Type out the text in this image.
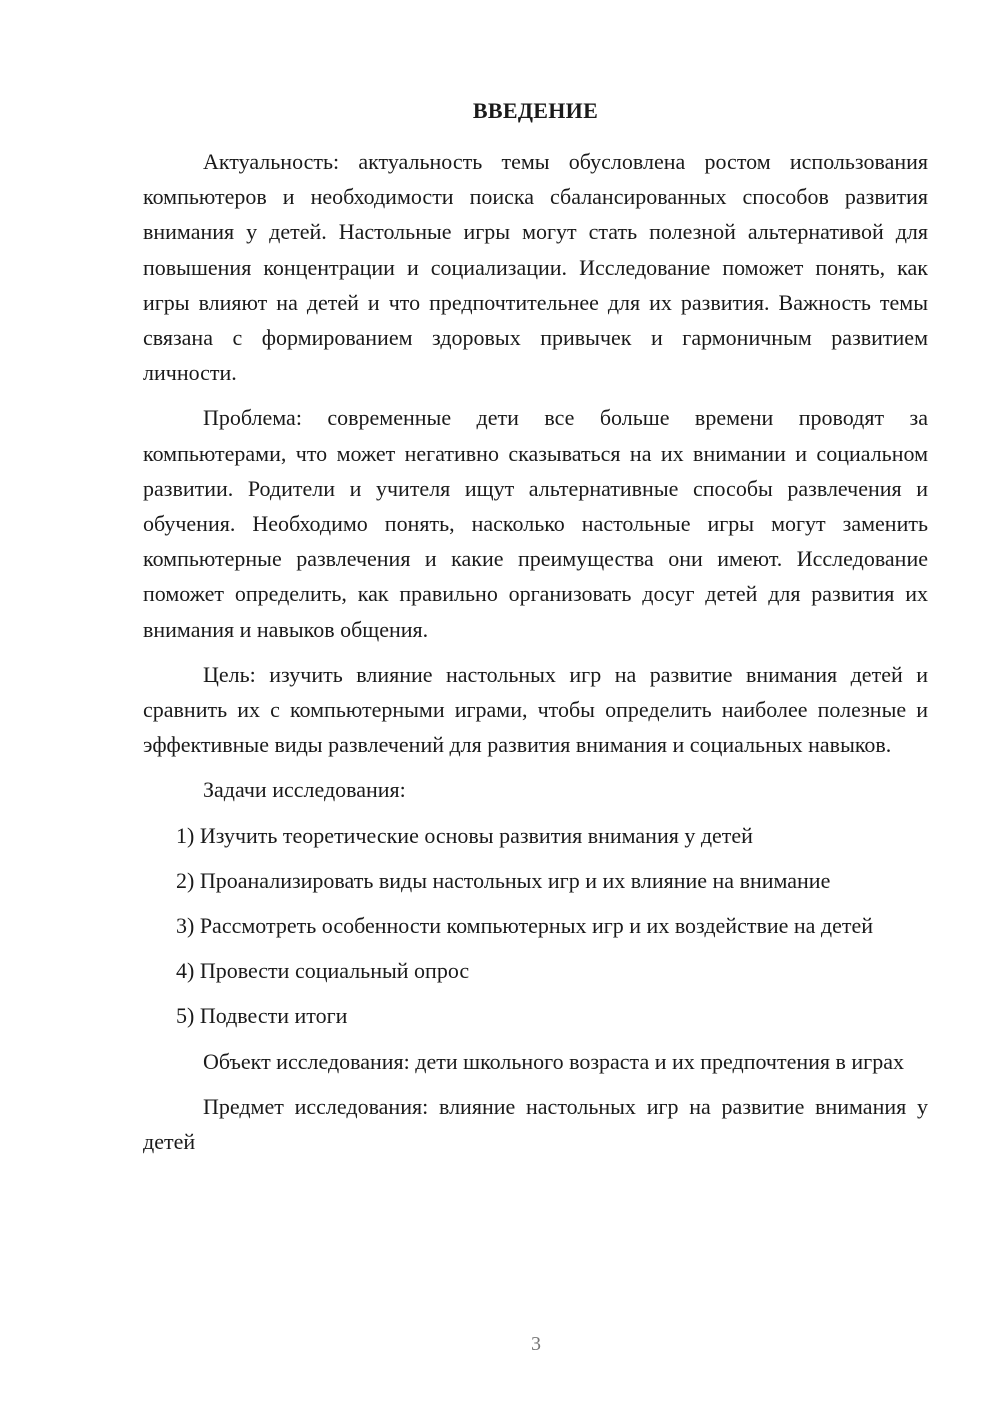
ВВЕДЕНИЕ

Актуальность: актуальность темы обусловлена ростом использования компьютеров и необходимости поиска сбалансированных способов развития внимания у детей. Настольные игры могут стать полезной альтернативой для повышения концентрации и социализации. Исследование поможет понять, как игры влияют на детей и что предпочтительнее для их развития. Важность темы связана с формированием здоровых привычек и гармоничным развитием личности.

Проблема: современные дети все больше времени проводят за компьютерами, что может негативно сказываться на их внимании и социальном развитии. Родители и учителя ищут альтернативные способы развлечения и обучения. Необходимо понять, насколько настольные игры могут заменить компьютерные развлечения и какие преимущества они имеют. Исследование поможет определить, как правильно организовать досуг детей для развития их внимания и навыков общения.

Цель: изучить влияние настольных игр на развитие внимания детей и сравнить их с компьютерными играми, чтобы определить наиболее полезные и эффективные виды развлечений для развития внимания и социальных навыков.

Задачи исследования:

1) Изучить теоретические основы развития внимания у детей

2) Проанализировать виды настольных игр и их влияние на внимание

3) Рассмотреть особенности компьютерных игр и их воздействие на детей

4) Провести социальный опрос

5) Подвести итоги

Объект исследования: дети школьного возраста и их предпочтения в играх

Предмет исследования: влияние настольных игр на развитие внимания у детей

3
